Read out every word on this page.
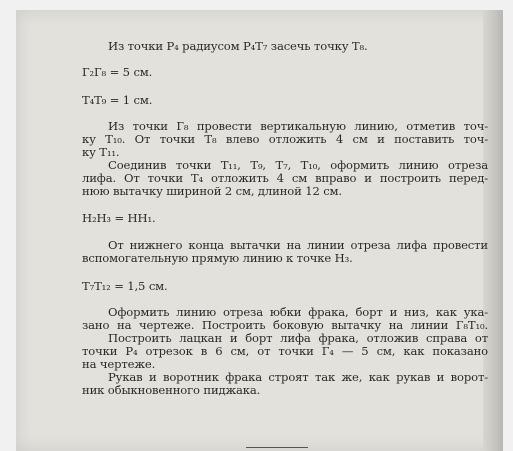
Из точки Р₄ радиусом Р₄Т₇ засечь точку Т₈.
Г₂Г₈ = 5 см.
Т₄Т₉ = 1 см.
Из точки Г₈ провести вертикальную линию, отметив точ-
ку Т₁₀. От точки Т₈ влево отложить 4 см и поставить точ-
ку Т₁₁.
Соединив точки Т₁₁, Т₉, Т₇, Т₁₀, оформить линию отреза
лифа. От точки Т₄ отложить 4 см вправо и построить перед-
нюю вытачку шириной 2 см, длиной 12 см.
Н₂Н₃ = НН₁.
От нижнего конца вытачки на линии отреза лифа провести
вспомогательную прямую линию к точке Н₃.
Т₇Т₁₂ = 1,5 см.
Оформить линию отреза юбки фрака, борт и низ, как ука-
зано на чертеже. Построить боковую вытачку на линии Г₈Т₁₀.
Построить лацкан и борт лифа фрака, отложив справа от
точки Р₄ отрезок в 6 см, от точки Г₄ — 5 см, как показано
на чертеже.
Рукав и воротник фрака строят так же, как рукав и ворот-
ник обыкновенного пиджака.
